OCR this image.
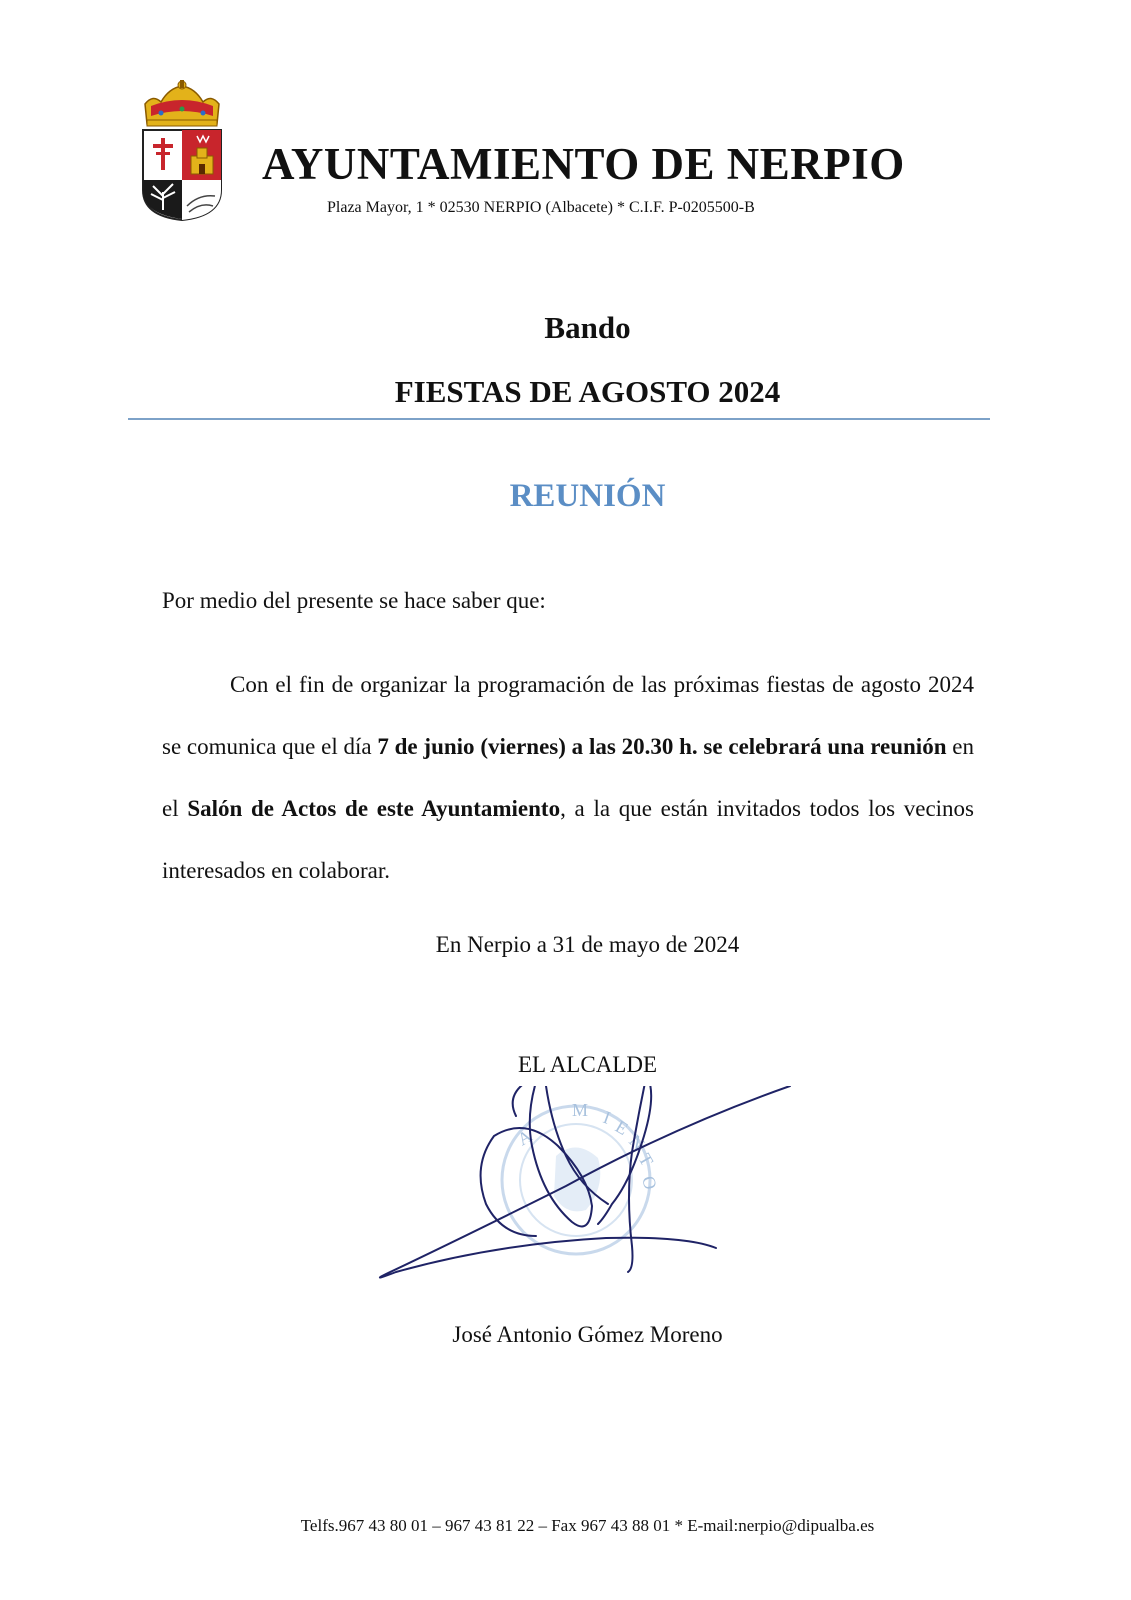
AYUNTAMIENTO DE NERPIO
Plaza Mayor, 1 * 02530 NERPIO (Albacete) * C.I.F. P-0205500-B
Bando
FIESTAS DE AGOSTO 2024
REUNIÓN
Por medio del presente se hace saber que:
Con el fin de organizar la programación de las próximas fiestas de agosto 2024 se comunica que el día 7 de junio (viernes) a las 20.30 h. se celebrará una reunión en el Salón de Actos de este Ayuntamiento, a la que están invitados todos los vecinos interesados en colaborar.
En Nerpio a 31 de mayo de 2024
EL ALCALDE
A
M I
E
N
T
O
José Antonio Gómez Moreno
Telfs.967 43 80 01 – 967 43 81 22 – Fax 967 43 88 01 * E-mail:nerpio@dipualba.es
